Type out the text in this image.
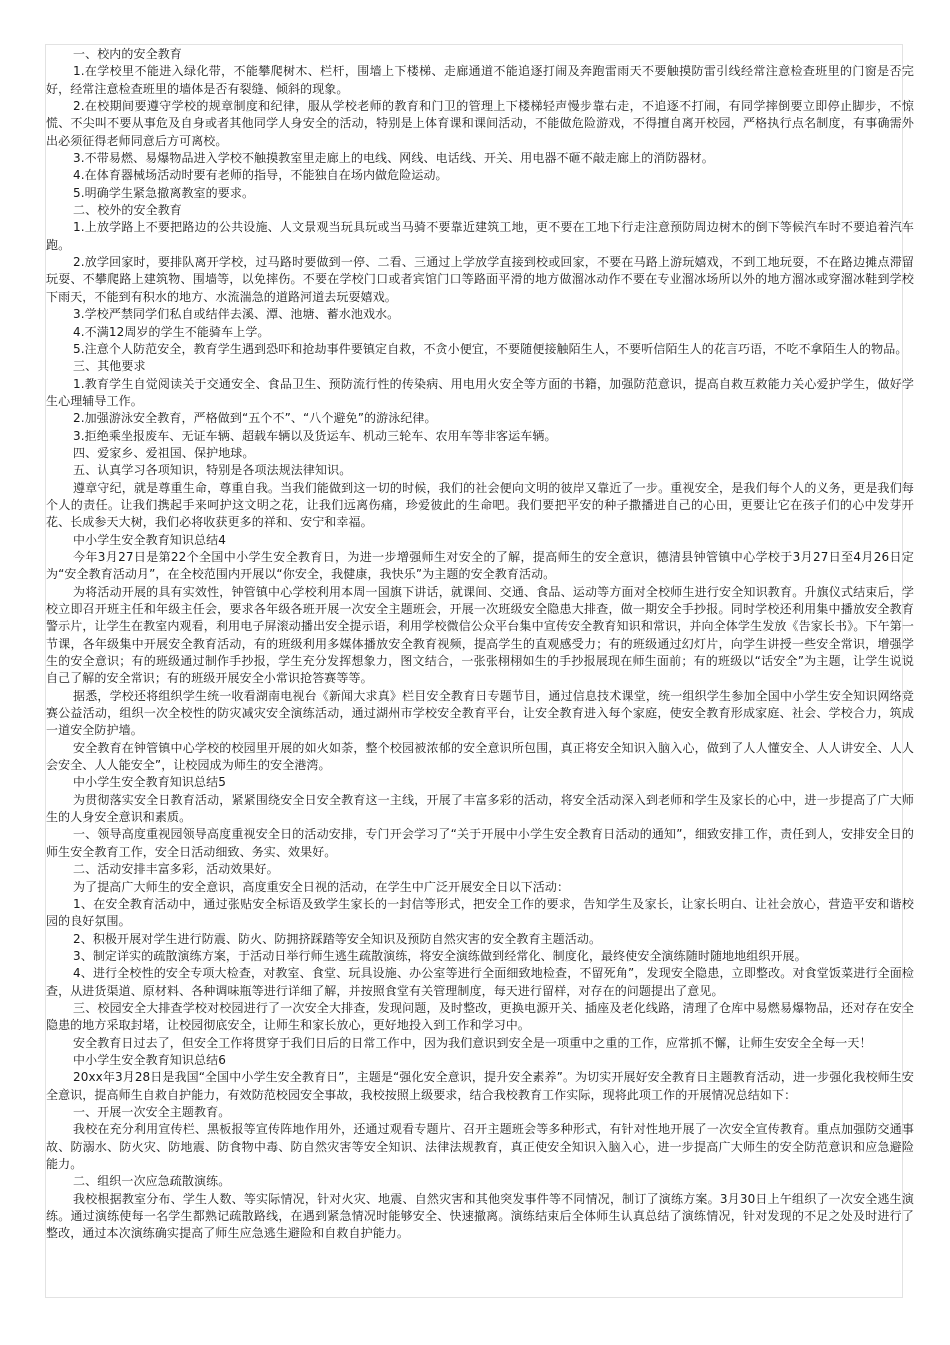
一、校内的安全教育

1.在学校里不能进入绿化带，不能攀爬树木、栏杆，围墙上下楼梯、走廊通道不能追逐打闹及奔跑雷雨天不要触摸防雷引线经常注意检查班里的门窗是否完好，经常注意检查班里的墙体是否有裂缝、倾斜的现象。

2.在校期间要遵守学校的规章制度和纪律，服从学校老师的教育和门卫的管理上下楼梯轻声慢步靠右走，不追逐不打闹，有同学摔倒要立即停止脚步，不惊慌、不尖叫不要从事危及自身或者其他同学人身安全的活动，特别是上体育课和课间活动，不能做危险游戏，不得擅自离开校园，严格执行点名制度，有事确需外出必须征得老师同意后方可离校。

3.不带易燃、易爆物品进入学校不触摸教室里走廊上的电线、网线、电话线、开关、用电器不砸不敲走廊上的消防器材。

4.在体育器械场活动时要有老师的指导，不能独自在场内做危险运动。

5.明确学生紧急撤离教室的要求。

二、校外的安全教育

1.上放学路上不要把路边的公共设施、人文景观当玩具玩或当马骑不要靠近建筑工地，更不要在工地下行走注意预防周边树木的倒下等候汽车时不要追着汽车跑。

2.放学回家时，要排队离开学校，过马路时要做到一停、二看、三通过上学放学直接到校或回家，不要在马路上游玩嬉戏，不到工地玩耍，不在路边摊点滞留玩耍、不攀爬路上建筑物、围墙等，以免摔伤。不要在学校门口或者宾馆门口等路面平滑的地方做溜冰动作不要在专业溜冰场所以外的地方溜冰或穿溜冰鞋到学校下雨天，不能到有积水的地方、水流湍急的道路河道去玩耍嬉戏。

3.学校严禁同学们私自或结伴去溪、潭、池塘、蓄水池戏水。

4.不满12周岁的学生不能骑车上学。

5.注意个人防范安全，教育学生遇到恐吓和抢劫事件要镇定自救，不贪小便宜，不要随便接触陌生人，不要听信陌生人的花言巧语，不吃不拿陌生人的物品。

三、其他要求

1.教育学生自觉阅读关于交通安全、食品卫生、预防流行性的传染病、用电用火安全等方面的书籍，加强防范意识，提高自救互救能力关心爱护学生，做好学生心理辅导工作。

2.加强游泳安全教育，严格做到“五个不”、“八个避免”的游泳纪律。

3.拒绝乘坐报废车、无证车辆、超载车辆以及货运车、机动三轮车、农用车等非客运车辆。

四、爱家乡、爱祖国、保护地球。

五、认真学习各项知识，特别是各项法规法律知识。

遵章守纪，就是尊重生命，尊重自我。当我们能做到这一切的时候，我们的社会便向文明的彼岸又靠近了一步。重视安全，是我们每个人的义务，更是我们每个人的责任。让我们携起手来呵护这文明之花，让我们远离伤痛，珍爱彼此的生命吧。我们要把平安的种子撒播进自己的心田，更要让它在孩子们的心中发芽开花、长成参天大树，我们必将收获更多的祥和、安宁和幸福。

中小学生安全教育知识总结4

今年3月27日是第22个全国中小学生安全教育日，为进一步增强师生对安全的了解，提高师生的安全意识，德清县钟管镇中心学校于3月27日至4月26日定为“安全教育活动月”，在全校范围内开展以“你安全，我健康，我快乐”为主题的安全教育活动。

为将活动开展的具有实效性，钟管镇中心学校利用本周一国旗下讲话，就课间、交通、食品、运动等方面对全校师生进行安全知识教育。升旗仪式结束后，学校立即召开班主任和年级主任会，要求各年级各班开展一次安全主题班会，开展一次班级安全隐患大排查，做一期安全手抄报。同时学校还利用集中播放安全教育警示片，让学生在教室内观看，利用电子屏滚动播出安全提示语，利用学校微信公众平台集中宣传安全教育知识和常识，并向全体学生发放《告家长书》。下午第一节课，各年级集中开展安全教育活动，有的班级利用多媒体播放安全教育视频，提高学生的直观感受力；有的班级通过幻灯片，向学生讲授一些安全常识，增强学生的安全意识；有的班级通过制作手抄报，学生充分发挥想象力，图文结合，一张张栩栩如生的手抄报展现在师生面前；有的班级以“话安全”为主题，让学生说说自己了解的安全常识；有的班级开展安全小常识抢答赛等等。

据悉，学校还将组织学生统一收看湖南电视台《新闻大求真》栏目安全教育日专题节目，通过信息技术课堂，统一组织学生参加全国中小学生安全知识网络竞赛公益活动，组织一次全校性的防灾减灾安全演练活动，通过湖州市学校安全教育平台，让安全教育进入每个家庭，使安全教育形成家庭、社会、学校合力，筑成一道安全防护墙。

安全教育在钟管镇中心学校的校园里开展的如火如荼，整个校园被浓郁的安全意识所包围，真正将安全知识入脑入心，做到了人人懂安全、人人讲安全、人人会安全、人人能安全”，让校园成为师生的安全港湾。

中小学生安全教育知识总结5

为贯彻落实安全日教育活动，紧紧围绕安全日安全教育这一主线，开展了丰富多彩的活动，将安全活动深入到老师和学生及家长的心中，进一步提高了广大师生的人身安全意识和素质。

一、领导高度重视园领导高度重视安全日的活动安排，专门开会学习了“关于开展中小学生安全教育日活动的通知”，细致安排工作，责任到人，安排安全日的师生安全教育工作，安全日活动细致、务实、效果好。

二、活动安排丰富多彩，活动效果好。

为了提高广大师生的安全意识，高度重安全日视的活动，在学生中广泛开展安全日以下活动：

1、在安全教育活动中，通过张贴安全标语及致学生家长的一封信等形式，把安全工作的要求，告知学生及家长，让家长明白、让社会放心，营造平安和谐校园的良好氛围。

2、积极开展对学生进行防震、防火、防拥挤踩踏等安全知识及预防自然灾害的安全教育主题活动。

3、制定详实的疏散演练方案，于活动日举行师生逃生疏散演练，将安全演练做到经常化、制度化，最终使安全演练随时随地地组织开展。

4、进行全校性的安全专项大检查，对教室、食堂、玩具设施、办公室等进行全面细致地检查，不留死角”，发现安全隐患，立即整改。对食堂饭菜进行全面检查，从进货渠道、原材料、各种调味瓶等进行详细了解，并按照食堂有关管理制度，每天进行留样，对存在的问题提出了意见。

三、校园安全大排查学校对校园进行了一次安全大排查，发现问题，及时整改，更换电源开关、插座及老化线路，清理了仓库中易燃易爆物品，还对存在安全隐患的地方采取封堵，让校园彻底安全，让师生和家长放心，更好地投入到工作和学习中。

安全教育日过去了，但安全工作将贯穿于我们日后的日常工作中，因为我们意识到安全是一项重中之重的工作，应常抓不懈，让师生安安全全每一天！

中小学生安全教育知识总结6

20xx年3月28日是我国“全国中小学生安全教育日”，主题是“强化安全意识，提升安全素养”。为切实开展好安全教育日主题教育活动，进一步强化我校师生安全意识，提高师生自救自护能力，有效防范校园安全事故，我校按照上级要求，结合我校教育工作实际，现将此项工作的开展情况总结如下：

一、开展一次安全主题教育。

我校在充分利用宣传栏、黑板报等宣传阵地作用外，还通过观看专题片、召开主题班会等多种形式，有针对性地开展了一次安全宣传教育。重点加强防交通事故、防溺水、防火灾、防地震、防食物中毒、防自然灾害等安全知识、法律法规教育，真正使安全知识入脑入心，进一步提高广大师生的安全防范意识和应急避险能力。

二、组织一次应急疏散演练。

我校根据教室分布、学生人数、等实际情况，针对火灾、地震、自然灾害和其他突发事件等不同情况，制订了演练方案。3月30日上午组织了一次安全逃生演练。通过演练使每一名学生都熟记疏散路线，在遇到紧急情况时能够安全、快速撤离。演练结束后全体师生认真总结了演练情况，针对发现的不足之处及时进行了整改，通过本次演练确实提高了师生应急逃生避险和自救自护能力。
